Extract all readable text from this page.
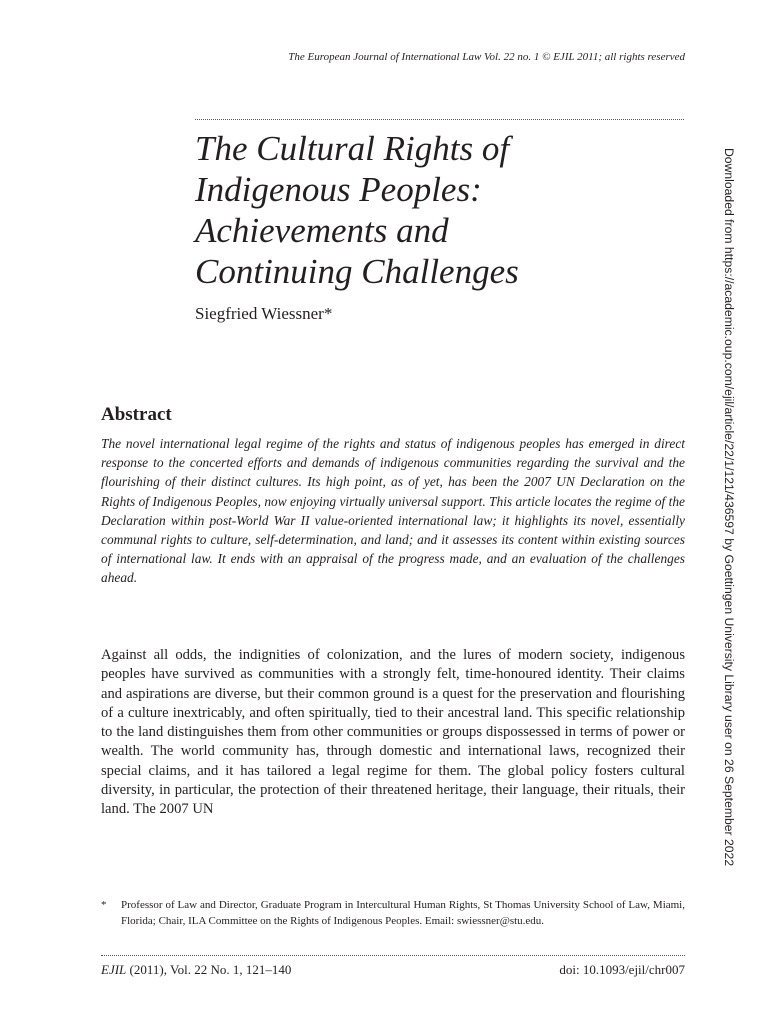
The European Journal of International Law Vol. 22 no. 1 © EJIL 2011; all rights reserved
The Cultural Rights of
Indigenous Peoples:
Achievements and
Continuing Challenges
Siegfried Wiessner*
Abstract

The novel international legal regime of the rights and status of indigenous peoples has emerged in direct response to the concerted efforts and demands of indigenous communities regarding the survival and the flourishing of their distinct cultures. Its high point, as of yet, has been the 2007 UN Declaration on the Rights of Indigenous Peoples, now enjoying virtually universal support. This article locates the regime of the Declaration within post-World War II value-oriented international law; it highlights its novel, essentially communal rights to culture, self-determination, and land; and it assesses its content within existing sources of international law. It ends with an appraisal of the progress made, and an evaluation of the challenges ahead.

Against all odds, the indignities of colonization, and the lures of modern society, indigenous peoples have survived as communities with a strongly felt, time-honoured identity. Their claims and aspirations are diverse, but their common ground is a quest for the preservation and flourishing of a culture inextricably, and often spiritually, tied to their ancestral land. This specific relationship to the land distinguishes them from other communities or groups dispossessed in terms of power or wealth. The world community has, through domestic and international laws, recognized their special claims, and it has tailored a legal regime for them. The global policy fosters cultural diversity, in particular, the protection of their threatened heritage, their language, their rituals, their land. The 2007 UN

* Professor of Law and Director, Graduate Program in Intercultural Human Rights, St Thomas University School of Law, Miami, Florida; Chair, ILA Committee on the Rights of Indigenous Peoples. Email: swiessner@stu.edu.
EJIL (2011), Vol. 22 No. 1, 121–140	doi: 10.1093/ejil/chr007
Downloaded from https://academic.oup.com/ejil/article/22/1/121/436597 by Goettingen University Library user on 26 September 2022
